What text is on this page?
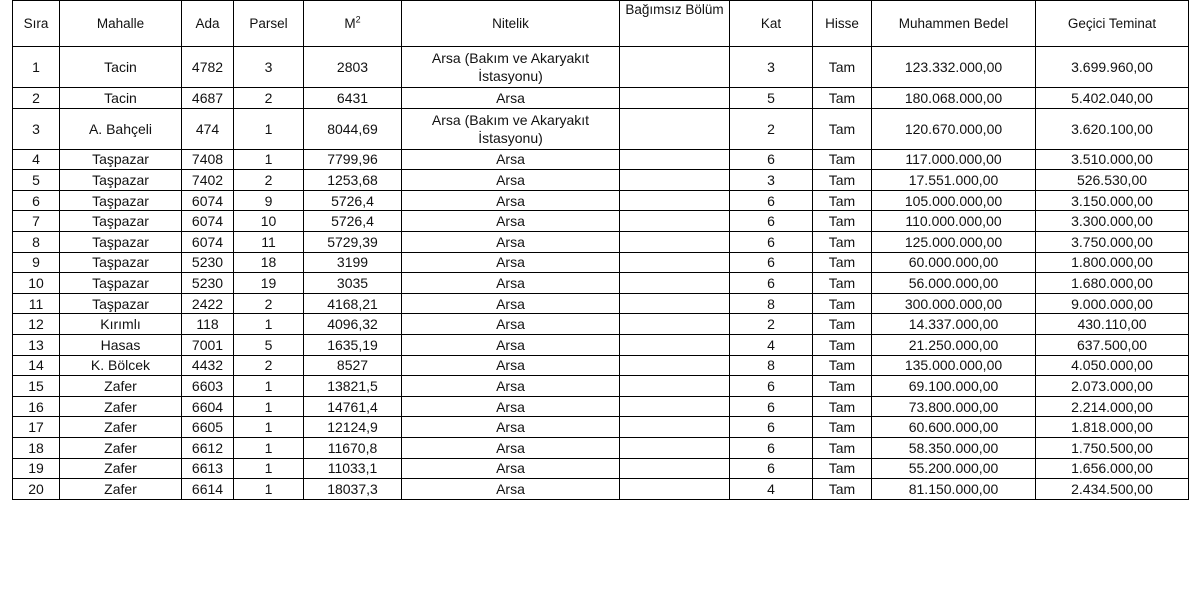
Sıra	Mahalle	Ada	Parsel	$M^2$	Nitelik	Bağımsız Bölüm	Kat	Hisse	Muhammen Bedel	Geçici Teminat
1	Tacin	4782	3	2803	Arsa (Bakım ve Akaryakıt İstasyonu)		3	Tam	123.332.000,00	3.699.960,00
2	Tacin	4687	2	6431	Arsa		5	Tam	180.068.000,00	5.402.040,00
3	A. Bahçeli	474	1	8044,69	Arsa (Bakım ve Akaryakıt İstasyonu)		2	Tam	120.670.000,00	3.620.100,00
4	Taşpazar	7408	1	7799,96	Arsa		6	Tam	117.000.000,00	3.510.000,00
5	Taşpazar	7402	2	1253,68	Arsa		3	Tam	17.551.000,00	526.530,00
6	Taşpazar	6074	9	5726,4	Arsa		6	Tam	105.000.000,00	3.150.000,00
7	Taşpazar	6074	10	5726,4	Arsa		6	Tam	110.000.000,00	3.300.000,00
8	Taşpazar	6074	11	5729,39	Arsa		6	Tam	125.000.000,00	3.750.000,00
9	Taşpazar	5230	18	3199	Arsa		6	Tam	60.000.000,00	1.800.000,00
10	Taşpazar	5230	19	3035	Arsa		6	Tam	56.000.000,00	1.680.000,00
11	Taşpazar	2422	2	4168,21	Arsa		8	Tam	300.000.000,00	9.000.000,00
12	Kırımlı	118	1	4096,32	Arsa		2	Tam	14.337.000,00	430.110,00
13	Hasas	7001	5	1635,19	Arsa		4	Tam	21.250.000,00	637.500,00
14	K. Bölcek	4432	2	8527	Arsa		8	Tam	135.000.000,00	4.050.000,00
15	Zafer	6603	1	13821,5	Arsa		6	Tam	69.100.000,00	2.073.000,00
16	Zafer	6604	1	14761,4	Arsa		6	Tam	73.800.000,00	2.214.000,00
17	Zafer	6605	1	12124,9	Arsa		6	Tam	60.600.000,00	1.818.000,00
18	Zafer	6612	1	11670,8	Arsa		6	Tam	58.350.000,00	1.750.500,00
19	Zafer	6613	1	11033,1	Arsa		6	Tam	55.200.000,00	1.656.000,00
20	Zafer	6614	1	18037,3	Arsa		4	Tam	81.150.000,00	2.434.500,00
